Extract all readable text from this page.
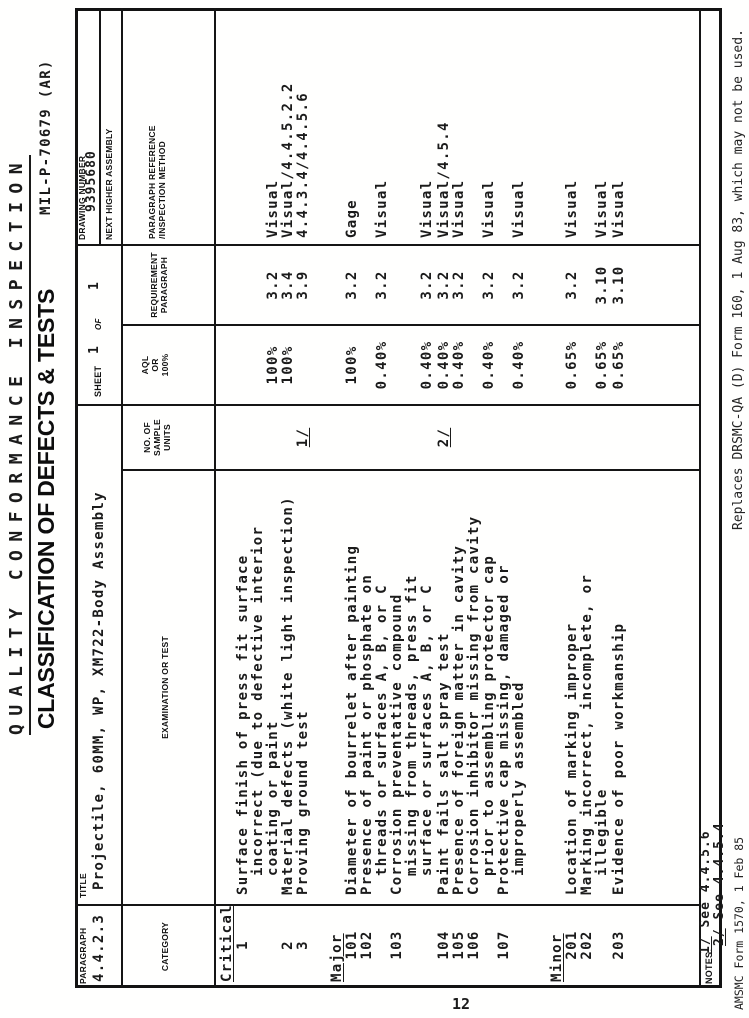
QUALITY CONFORMANCE INSPECTION CLASSIFICATION OF DEFECTS & TESTS
MIL-P-70679 (AR)
PARAGRAPH 4.4.2.3
TITLE Projectile, 60MM, WP, XM722-Body Assembly
SHEET
1
OF
1
DRAWING NUMBER
9395680 NEXT HIGHER ASSEMBLY
CATEGORY
EXAMINATION OR TEST
NO. OF SAMPLE UNITS
AQL OR 100%
REQUIREMENT PARAGRAPH
PARAGRAPH REFERENCE /INSPECTION METHOD
Critical 1
Surface finish of press fit surface incorrect (due to defective interior coating or paint
100%
3.2
Visual
2
Material defects (white light inspection)
100%
3.4
Visual/4.4.5.2.2
3
Proving ground test
1/
3.9
4.4.3.4/4.4.5.6
Major 101
Diameter of bourrelet after painting
100%
3.2
Gage
102
Presence of paint or phosphate on threads or surfaces A, B, or C
0.40%
3.2
Visual
103
Corrosion preventative compound missing from threads, press fit surface or surfaces A, B, or C
0.40%
3.2
Visual
104
Paint fails salt spray test
2/
0.40%
3.2
Visual/4.5.4
105
Presence of foreign matter in cavity
0.40%
3.2
Visual
106
Corrosion inhibitor missing from cavity prior to assembling protector cap
0.40%
3.2
Visual
107
Protective cap missing, damaged or improperly assembled
0.40%
3.2
Visual
Minor 201
Location of marking improper
0.65%
3.2
Visual
202
Marking incorrect, incomplete, or illegible
0.65%
3.10
Visual
203
Evidence of poor workmanship
0.65%
3.10
Visual
NOTES:
1/ See 4.4.5.6
2/ See 4.4.5.4 AMSMC Form 1570, 1 Feb 85
Replaces DRSMC-QA (D) Form 160, 1 Aug 83, which may not be used.
12
